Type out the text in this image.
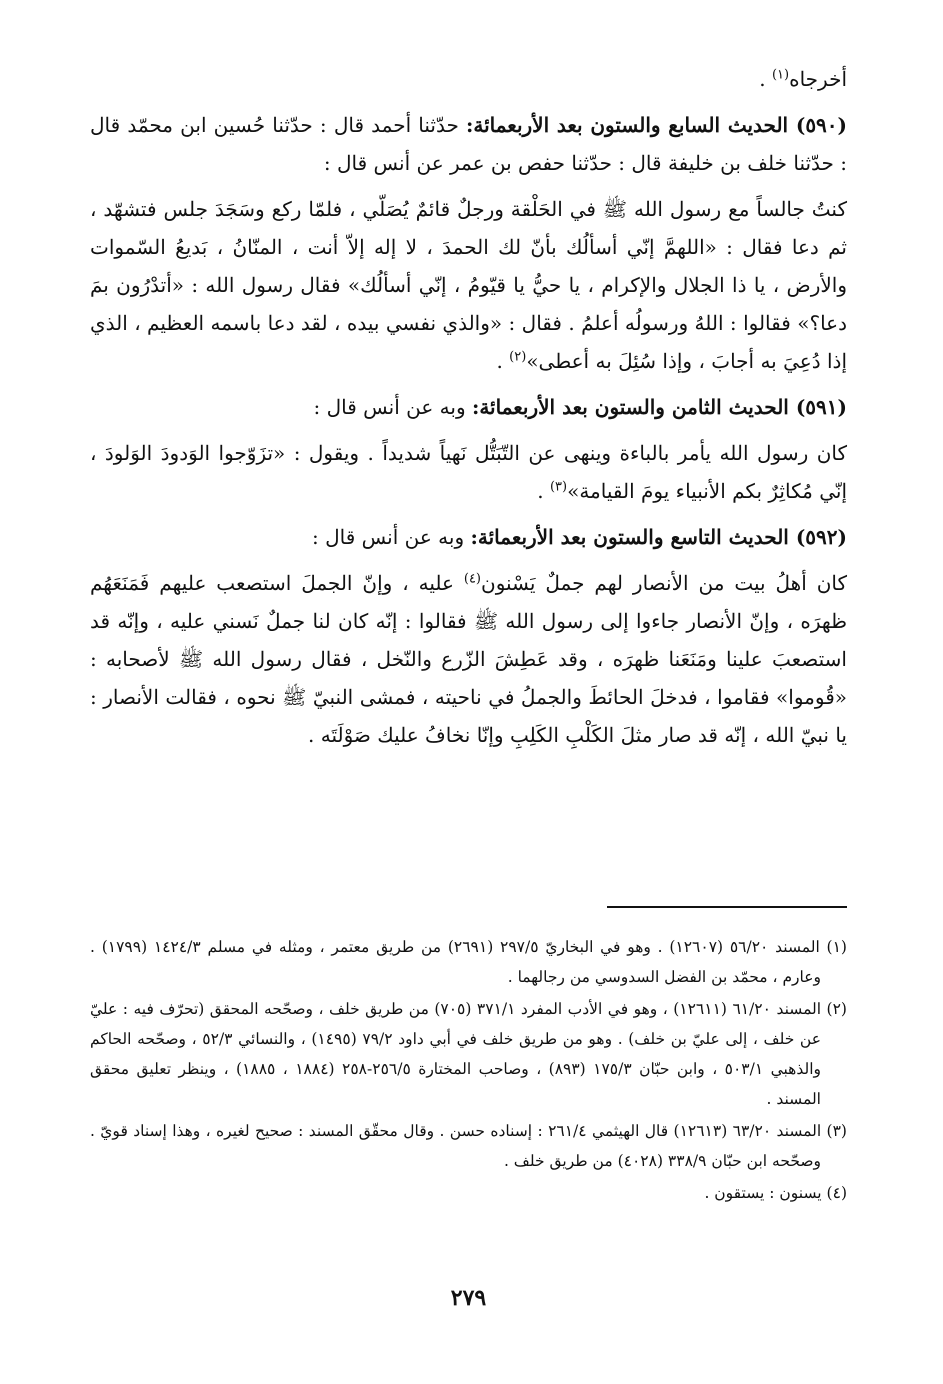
أخرجاه$^{(١)}$ .

(٥٩٠) الحديث السابع والستون بعد الأربعمائة: حدّثنا أحمد قال : حدّثنا حُسين ابن محمّد قال : حدّثنا خلف بن خليفة قال : حدّثنا حفص بن عمر عن أنس قال :

كنتُ جالساً مع رسول الله ﷺ في الحَلْقة ورجلٌ قائمٌ يُصَلّي ، فلمّا ركع وسَجَدَ جلس فتشهّد ، ثم دعا فقال : «اللهمَّ إنّي أسألُك بأنّ لك الحمدَ ، لا إله إلاّ أنت ، المنّانُ ، بَديعُ السّموات والأرض ، يا ذا الجلال والإكرام ، يا حيُّ يا قيّومُ ، إنّي أسألُك» فقال رسول الله : «أتدْرُون بمَ دعا؟» فقالوا : اللهُ ورسولُه أعلمُ . فقال : «والذي نفسي بيده ، لقد دعا باسمه العظيم ، الذي إذا دُعِيَ به أجابَ ، وإذا سُئِلَ به أعطى»$^{(٢)}$ .

(٥٩١) الحديث الثامن والستون بعد الأربعمائة: وبه عن أنس قال :

كان رسول الله يأمر بالباءة وينهى عن التّبَتُّل نَهياً شديداً . ويقول : «تزَوّجوا الوَدودَ الوَلودَ ، إنّي مُكاثِرٌ بكم الأنبياء يومَ القيامة»$^{(٣)}$ .

(٥٩٢) الحديث التاسع والستون بعد الأربعمائة: وبه عن أنس قال :

كان أهلُ بيت من الأنصار لهم جملٌ يَسْنون$^{(٤)}$ عليه ، وإنّ الجملَ استصعب عليهم فَمَنَعَهُم ظهرَه ، وإنّ الأنصار جاءوا إلى رسول الله ﷺ فقالوا : إنّه كان لنا جملٌ نَسني عليه ، وإنّه قد استصعبَ علينا ومَنَعَنا ظهرَه ، وقد عَطِشَ الزّرع والنّخل ، فقال رسول الله ﷺ لأصحابه : «قُوموا» فقاموا ، فدخلَ الحائطَ والجملُ في ناحيته ، فمشى النبيّ ﷺ نحوه ، فقالت الأنصار : يا نبيّ الله ، إنّه قد صار مثلَ الكَلْبِ الكَلِبِ وإنّا نخافُ عليك صَوْلَتَه .

(١) المسند ٥٦/٢٠ (١٢٦٠٧) . وهو في البخاريّ ٢٩٧/٥ (٢٦٩١) من طريق معتمر ، ومثله في مسلم ١٤٢٤/٣ (١٧٩٩) . وعارم ، محمّد بن الفضل السدوسي من رجالهما .

(٢) المسند ٦١/٢٠ (١٢٦١١) ، وهو في الأدب المفرد ٣٧١/١ (٧٠٥) من طريق خلف ، وصحّحه المحقق (تحرّف فيه : عليّ عن خلف ، إلى عليّ بن خلف) . وهو من طريق خلف في أبي داود ٧٩/٢ (١٤٩٥) ، والنسائي ٥٢/٣ ، وصحّحه الحاكم والذهبي ٥٠٣/١ ، وابن حبّان ١٧٥/٣ (٨٩٣) ، وصاحب المختارة ٢٥٦/٥-٢٥٨ (١٨٨٤ ، ١٨٨٥) ، وينظر تعليق محقق المسند .

(٣) المسند ٦٣/٢٠ (١٢٦١٣) قال الهيثمي ٢٦١/٤ : إسناده حسن . وقال محقّق المسند : صحيح لغيره ، وهذا إسناد قويّ . وصحّحه ابن حبّان ٣٣٨/٩ (٤٠٢٨) من طريق خلف .

(٤) يسنون : يستقون .

٢٧٩
